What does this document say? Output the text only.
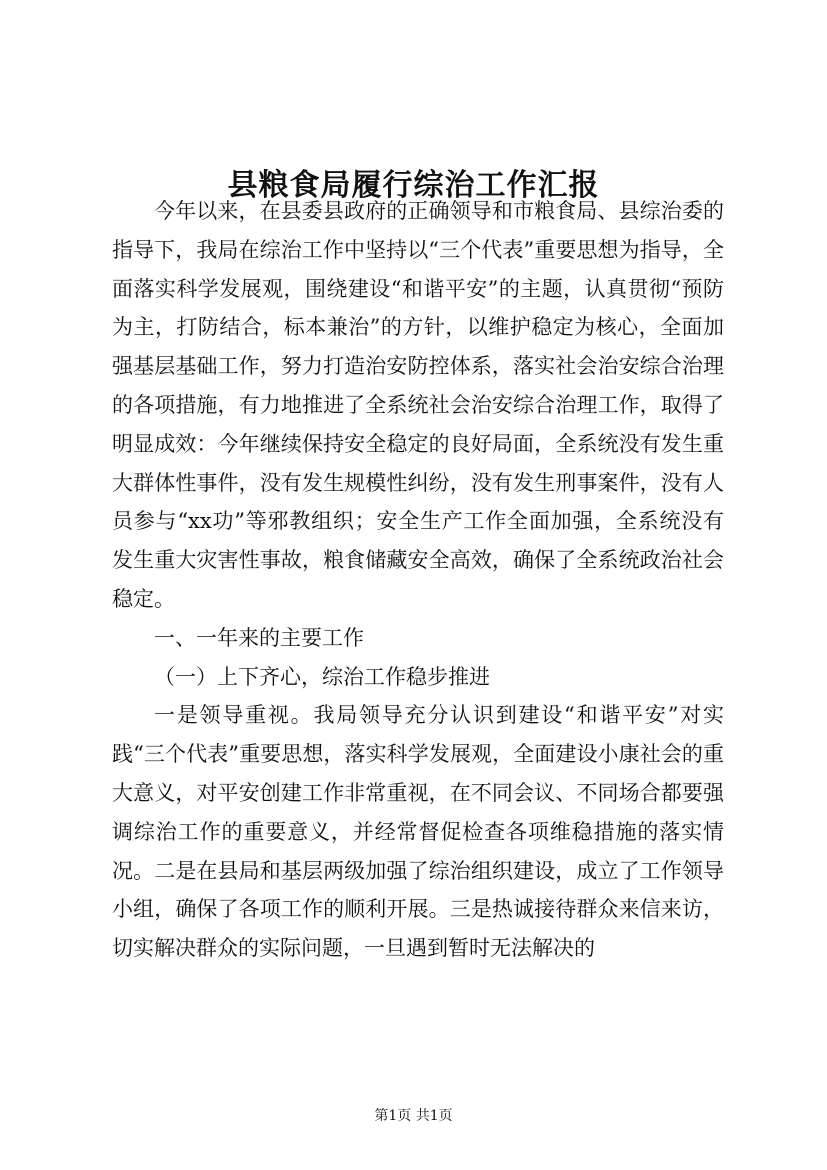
县粮食局履行综治工作汇报

今年以来，在县委县政府的正确领导和市粮食局、县综治委的指导下，我局在综治工作中坚持以“三个代表”重要思想为指导，全面落实科学发展观，围绕建设“和谐平安”的主题，认真贯彻“预防为主，打防结合，标本兼治”的方针，以维护稳定为核心，全面加强基层基础工作，努力打造治安防控体系，落实社会治安综合治理的各项措施，有力地推进了全系统社会治安综合治理工作，取得了明显成效：今年继续保持安全稳定的良好局面，全系统没有发生重大群体性事件，没有发生规模性纠纷，没有发生刑事案件，没有人员参与“xx功”等邪教组织；安全生产工作全面加强，全系统没有发生重大灾害性事故，粮食储藏安全高效，确保了全系统政治社会稳定。

一、一年来的主要工作

（一）上下齐心，综治工作稳步推进

一是领导重视。我局领导充分认识到建设“和谐平安”对实践“三个代表”重要思想，落实科学发展观，全面建设小康社会的重大意义，对平安创建工作非常重视，在不同会议、不同场合都要强调综治工作的重要意义，并经常督促检查各项维稳措施的落实情况。二是在县局和基层两级加强了综治组织建设，成立了工作领导小组，确保了各项工作的顺利开展。三是热诚接待群众来信来访，切实解决群众的实际问题，一旦遇到暂时无法解决的

第1页 共1页
